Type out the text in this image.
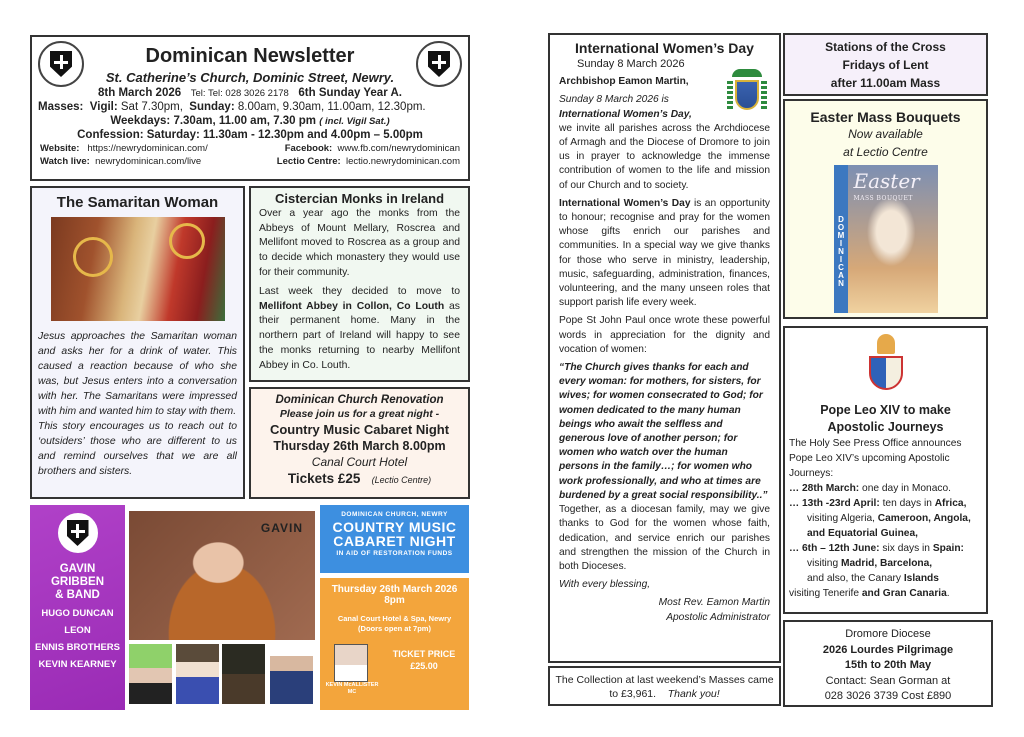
Dominican Newsletter
St. Catherine’s Church, Dominic Street, Newry.
8th March 2026 Tel: Tel: 028 3026 2178 6th Sunday Year A.
Masses: Vigil: Sat 7.30pm, Sunday: 8.00am, 9.30am, 11.00am, 12.30pm.
Weekdays: 7.30am, 11.00 am, 7.30 pm ( incl. Vigil Sat.)
Confession: Saturday: 11.30am - 12.30pm and 4.00pm – 5.00pm
Website: https://newrydominican.com/	Facebook: www.fb.com/newrydominican
Watch live: newrydominican.com/live	Lectio Centre: lectio.newrydominican.com
The Samaritan Woman

Jesus approaches the Samaritan woman and asks her for a drink of water. This caused a reaction because of who she was, but Jesus enters into a conversation with her. The Samaritans were impressed with him and wanted him to stay with them.

This story encourages us to reach out to ‘outsiders’ those who are different to us and remind ourselves that we are all brothers and sisters.

Cistercian Monks in Ireland

Over a year ago the monks from the Abbeys of Mount Mellary, Roscrea and Mellifont moved to Roscrea as a group and to decide which monastery they would use for their community.

Last week they decided to move to Mellifont Abbey in Collon, Co Louth as their permanent home. Many in the northern part of Ireland will happy to see the monks returning to nearby Mellifont Abbey in Co. Louth.

Dominican Church Renovation
Please join us for a great night -
Country Music Cabaret Night
Thursday 26th March 8.00pm
Canal Court Hotel
Tickets £25 (Lectio Centre)
GAVIN
GRIBBEN
& BAND
HUGO DUNCAN
LEON
ENNIS BROTHERS
KEVIN KEARNEY
GAVIN
DOMINICAN CHURCH, NEWRY
COUNTRY MUSIC CABARET NIGHT
IN AID OF RESTORATION FUNDS
Thursday 26th March 2026
8pm
Canal Court Hotel & Spa, Newry
(Doors open at 7pm)
KEVIN McALLISTER MC
TICKET PRICE
£25.00
International Women’s Day
Sunday 8 March 2026

Archbishop Eamon Martin,

Sunday 8 March 2026 is
International Women’s Day,

we invite all parishes across the Archdiocese of Armagh and the Diocese of Dromore to join us in prayer to acknowledge the immense contribution of women to the life and mission of our Church and to society.

International Women’s Day is an opportunity to honour; recognise and pray for the women whose gifts enrich our parishes and communities. In a special way we give thanks for those who serve in ministry, leadership, music, safeguarding, administration, finances, volunteering, and the many unseen roles that support parish life every week.

Pope St John Paul once wrote these powerful words in appreciation for the dignity and vocation of women:

“The Church gives thanks for each and every woman: for mothers, for sisters, for wives; for women consecrated to God; for women dedicated to the many human beings who await the selfless and generous love of another person; for women who watch over the human persons in the family…; for women who work professionally, and who at times are burdened by a great social responsibility..”

Together, as a diocesan family, may we give thanks to God for the women whose faith, dedication, and service enrich our parishes and strengthen the mission of the Church in both Dioceses.

With every blessing,

Most Rev. Eamon Martin
Apostolic Administrator
The Collection at last weekend’s Masses came to £3,961. Thank you!
Stations of the Cross
Fridays of Lent
after 11.00am Mass
Easter Mass Bouquets
Now available
at Lectio Centre
DOMINICAN
Easter
MASS BOUQUET
Pope Leo XIV to make
Apostolic Journeys
The Holy See Press Office announces Pope Leo XIV’s upcoming Apostolic Journeys:
… 28th March: one day in Monaco.
… 13th -23rd April: ten days in Africa,
visiting Algeria, Cameroon, Angola, and Equatorial Guinea,
… 6th – 12th June: six days in Spain:
visiting Madrid, Barcelona,
and also, the Canary Islands
visiting Tenerife and Gran Canaria.
Dromore Diocese
2026 Lourdes Pilgrimage
15th to 20th May
Contact: Sean Gorman at
028 3026 3739 Cost £890
